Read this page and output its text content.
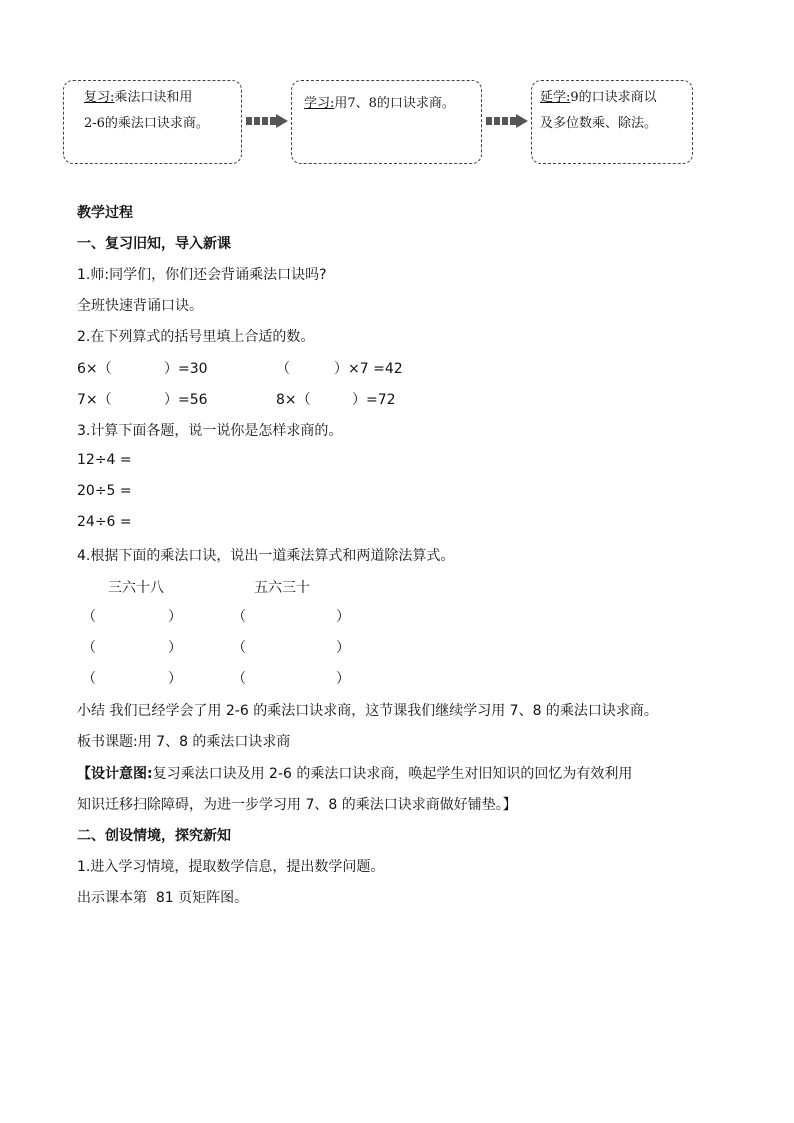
复习:乘法口诀和用
2-6的乘法口诀求商。
学习:用7、8的口诀求商。	延学:9的口诀求商以
及多位数乘、除法。
教学过程
一、复习旧知，导入新课
1.师:同学们，你们还会背诵乘法口诀吗?
全班快速背诵口诀。
2.在下列算式的括号里填上合适的数。
6×（	）=30	（	）×7 =42
7×（	）=56	8×（	）=72
3.计算下面各题，说一说你是怎样求商的。
12÷4 =
20÷5 =
24÷6 =
4.根据下面的乘法口诀，说出一道乘法算式和两道除法算式。
三六十八	五六三十
（	）	（	）
（	）	（	）
（	）	（	）
小结 我们已经学会了用 2-6 的乘法口诀求商，这节课我们继续学习用 7、8 的乘法口诀求商。
板书课题:用 7、8 的乘法口诀求商
【设计意图:复习乘法口诀及用 2-6 的乘法口诀求商，唤起学生对旧知识的回忆为有效利用
知识迁移扫除障碍，为进一步学习用 7、8 的乘法口诀求商做好铺垫。】
二、创设情境，探究新知
1.进入学习情境，提取数学信息，提出数学问题。
出示课本第  81 页矩阵图。
